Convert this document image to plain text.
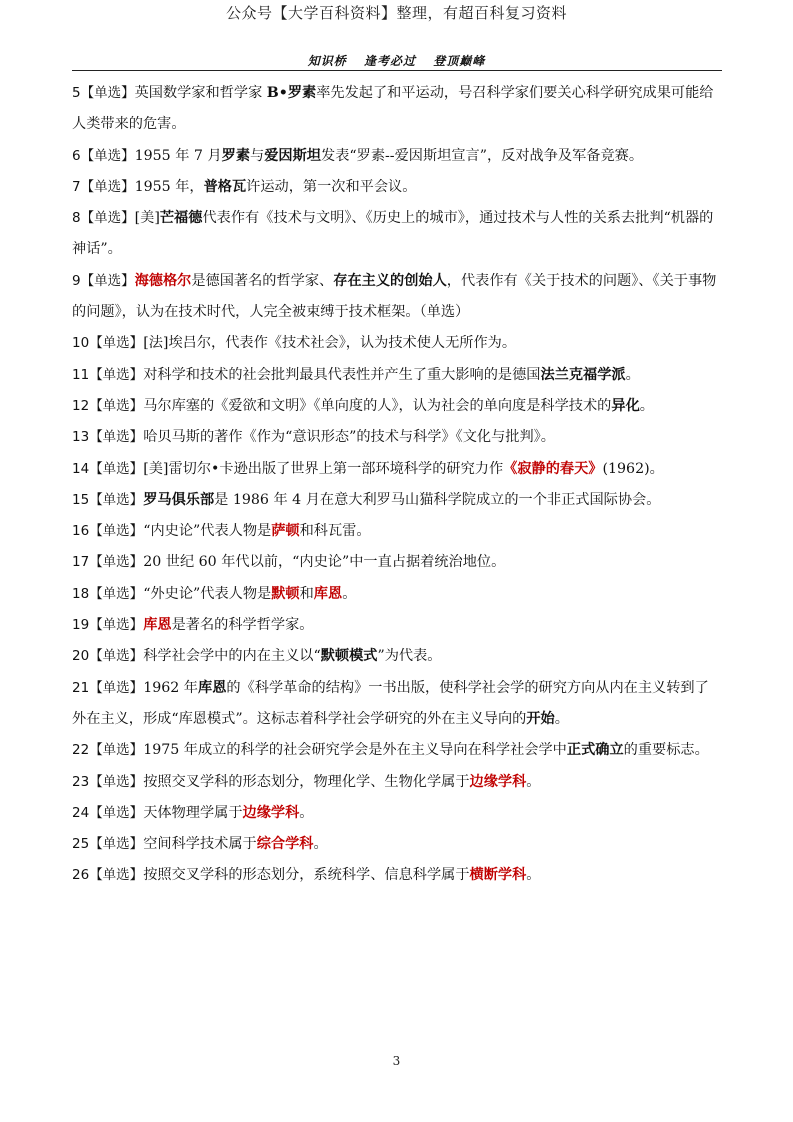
公众号【大学百科资料】整理，有超百科复习资料
知识桥 逢考必过 登顶巅峰

5【单选】英国数学家和哲学家 B•罗素率先发起了和平运动，号召科学家们要关心科学研究成果可能给人类带来的危害。

6【单选】1955 年 7 月罗素与爱因斯坦发表“罗素--爱因斯坦宣言”，反对战争及军备竞赛。

7【单选】1955 年，普格瓦许运动，第一次和平会议。

8【单选】[美]芒福德代表作有《技术与文明》、《历史上的城市》，通过技术与人性的关系去批判“机器的神话”。

9【单选】海德格尔是德国著名的哲学家、存在主义的创始人，代表作有《关于技术的问题》、《关于事物的问题》，认为在技术时代，人完全被束缚于技术框架。（单选）

10【单选】[法]埃吕尔，代表作《技术社会》，认为技术使人无所作为。

11【单选】对科学和技术的社会批判最具代表性并产生了重大影响的是德国法兰克福学派。

12【单选】马尔库塞的《爱欲和文明》《单向度的人》，认为社会的单向度是科学技术的异化。

13【单选】哈贝马斯的著作《作为“意识形态”的技术与科学》《文化与批判》。

14【单选】[美]雷切尔•卡逊出版了世界上第一部环境科学的研究力作《寂静的春天》(1962)。

15【单选】罗马俱乐部是 1986 年 4 月在意大利罗马山猫科学院成立的一个非正式国际协会。

16【单选】“内史论”代表人物是萨顿和科瓦雷。

17【单选】20 世纪 60 年代以前，“内史论”中一直占据着统治地位。

18【单选】“外史论”代表人物是默顿和库恩。

19【单选】库恩是著名的科学哲学家。

20【单选】科学社会学中的内在主义以“默顿模式”为代表。

21【单选】1962 年库恩的《科学革命的结构》一书出版，使科学社会学的研究方向从内在主义转到了外在主义，形成“库恩模式”。这标志着科学社会学研究的外在主义导向的开始。

22【单选】1975 年成立的科学的社会研究学会是外在主义导向在科学社会学中正式确立的重要标志。

23【单选】按照交叉学科的形态划分，物理化学、生物化学属于边缘学科。

24【单选】天体物理学属于边缘学科。

25【单选】空间科学技术属于综合学科。

26【单选】按照交叉学科的形态划分，系统科学、信息科学属于横断学科。

3
